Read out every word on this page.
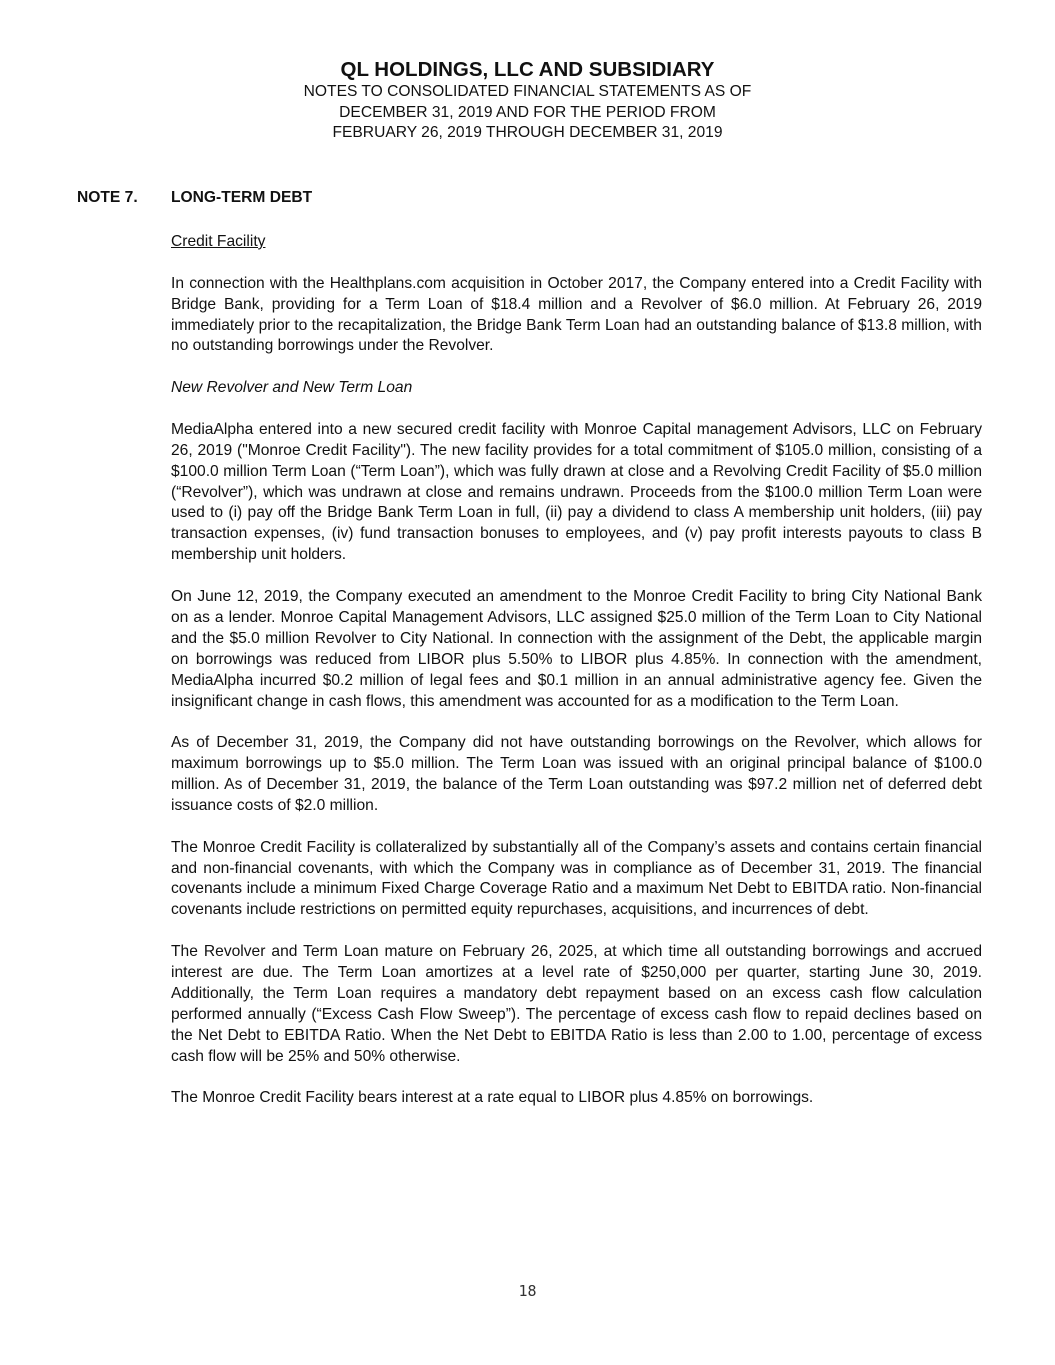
QL HOLDINGS, LLC AND SUBSIDIARY
NOTES TO CONSOLIDATED FINANCIAL STATEMENTS AS OF
DECEMBER 31, 2019 AND FOR THE PERIOD FROM
FEBRUARY 26, 2019 THROUGH DECEMBER 31, 2019
NOTE 7. LONG-TERM DEBT

Credit Facility

In connection with the Healthplans.com acquisition in October 2017, the Company entered into a Credit Facility with Bridge Bank, providing for a Term Loan of $18.4 million and a Revolver of $6.0 million. At February 26, 2019 immediately prior to the recapitalization, the Bridge Bank Term Loan had an outstanding balance of $13.8 million, with no outstanding borrowings under the Revolver.

New Revolver and New Term Loan

MediaAlpha entered into a new secured credit facility with Monroe Capital management Advisors, LLC on February 26, 2019 ("Monroe Credit Facility"). The new facility provides for a total commitment of $105.0 million, consisting of a $100.0 million Term Loan (“Term Loan”), which was fully drawn at close and a Revolving Credit Facility of $5.0 million (“Revolver”), which was undrawn at close and remains undrawn. Proceeds from the $100.0 million Term Loan were used to (i) pay off the Bridge Bank Term Loan in full, (ii) pay a dividend to class A membership unit holders, (iii) pay transaction expenses, (iv) fund transaction bonuses to employees, and (v) pay profit interests payouts to class B membership unit holders.

On June 12, 2019, the Company executed an amendment to the Monroe Credit Facility to bring City National Bank on as a lender. Monroe Capital Management Advisors, LLC assigned $25.0 million of the Term Loan to City National and the $5.0 million Revolver to City National. In connection with the assignment of the Debt, the applicable margin on borrowings was reduced from LIBOR plus 5.50% to LIBOR plus 4.85%. In connection with the amendment, MediaAlpha incurred $0.2 million of legal fees and $0.1 million in an annual administrative agency fee. Given the insignificant change in cash flows, this amendment was accounted for as a modification to the Term Loan.

As of December 31, 2019, the Company did not have outstanding borrowings on the Revolver, which allows for maximum borrowings up to $5.0 million. The Term Loan was issued with an original principal balance of $100.0 million. As of December 31, 2019, the balance of the Term Loan outstanding was $97.2 million net of deferred debt issuance costs of $2.0 million.

The Monroe Credit Facility is collateralized by substantially all of the Company’s assets and contains certain financial and non-financial covenants, with which the Company was in compliance as of December 31, 2019. The financial covenants include a minimum Fixed Charge Coverage Ratio and a maximum Net Debt to EBITDA ratio. Non-financial covenants include restrictions on permitted equity repurchases, acquisitions, and incurrences of debt.

The Revolver and Term Loan mature on February 26, 2025, at which time all outstanding borrowings and accrued interest are due. The Term Loan amortizes at a level rate of $250,000 per quarter, starting June 30, 2019. Additionally, the Term Loan requires a mandatory debt repayment based on an excess cash flow calculation performed annually (“Excess Cash Flow Sweep”). The percentage of excess cash flow to repaid declines based on the Net Debt to EBITDA Ratio. When the Net Debt to EBITDA Ratio is less than 2.00 to 1.00, percentage of excess cash flow will be 25% and 50% otherwise.

The Monroe Credit Facility bears interest at a rate equal to LIBOR plus 4.85% on borrowings.

18
